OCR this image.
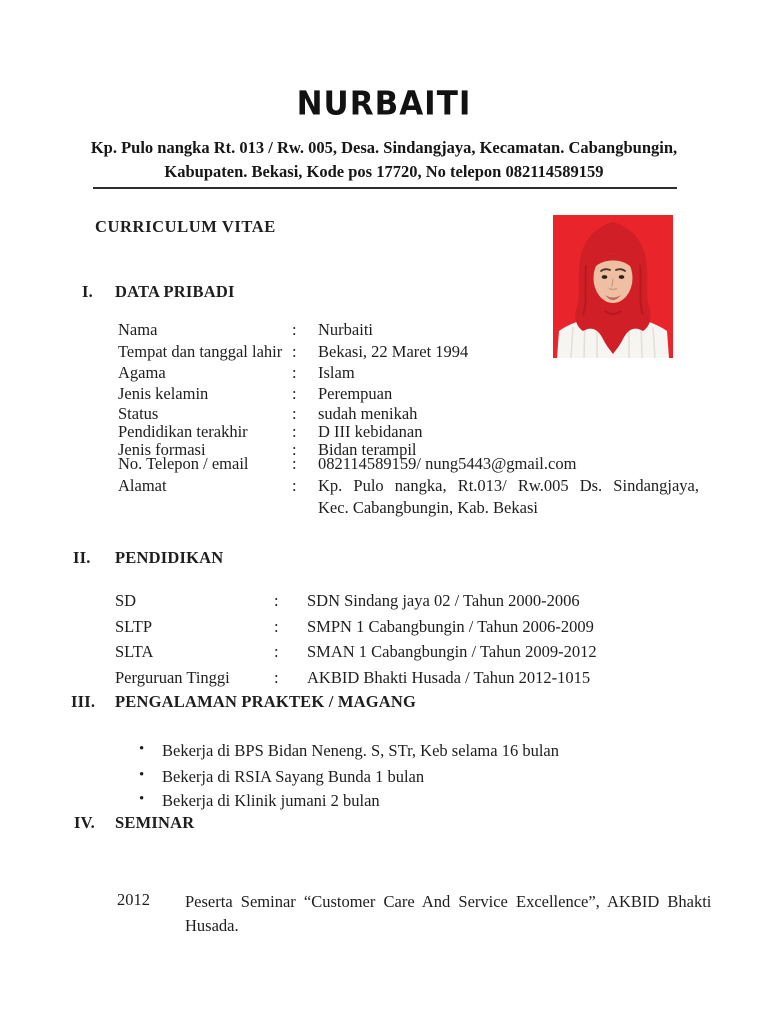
NURBAITI
Kp. Pulo nangka Rt. 013 / Rw. 005, Desa. Sindangjaya, Kecamatan. Cabangbungin,
Kabupaten. Bekasi, Kode pos 17720, No telepon 082114589159
CURRICULUM VITAE
I. DATA PRIBADI
Nama	: Nurbaiti
Tempat dan tanggal lahir : Bekasi, 22 Maret 1994
Agama	: Islam
Jenis kelamin	: Perempuan
Status	: sudah menikah
Pendidikan terakhir	: D III kebidanan
Jenis formasi	: Bidan terampil
No. Telepon / email	: 082114589159/ nung5443@gmail.com
Alamat	: Kp. Pulo nangka, Rt.013/ Rw.005 Ds. Sindangjaya,
Kec. Cabangbungin, Kab. Bekasi
II. PENDIDIKAN
SD	: SDN Sindang jaya 02 / Tahun 2000-2006
SLTP	: SMPN 1 Cabangbungin / Tahun 2006-2009
SLTA	: SMAN 1 Cabangbungin / Tahun 2009-2012
Perguruan Tinggi	: AKBID Bhakti Husada / Tahun 2012-1015
III. PENGALAMAN PRAKTEK / MAGANG
• Bekerja di BPS Bidan Neneng. S, STr, Keb selama 16 bulan
• Bekerja di RSIA Sayang Bunda 1 bulan
• Bekerja di Klinik jumani 2 bulan
IV. SEMINAR
2012 Peserta Seminar “Customer Care And Service Excellence”, AKBID Bhakti
Husada.
